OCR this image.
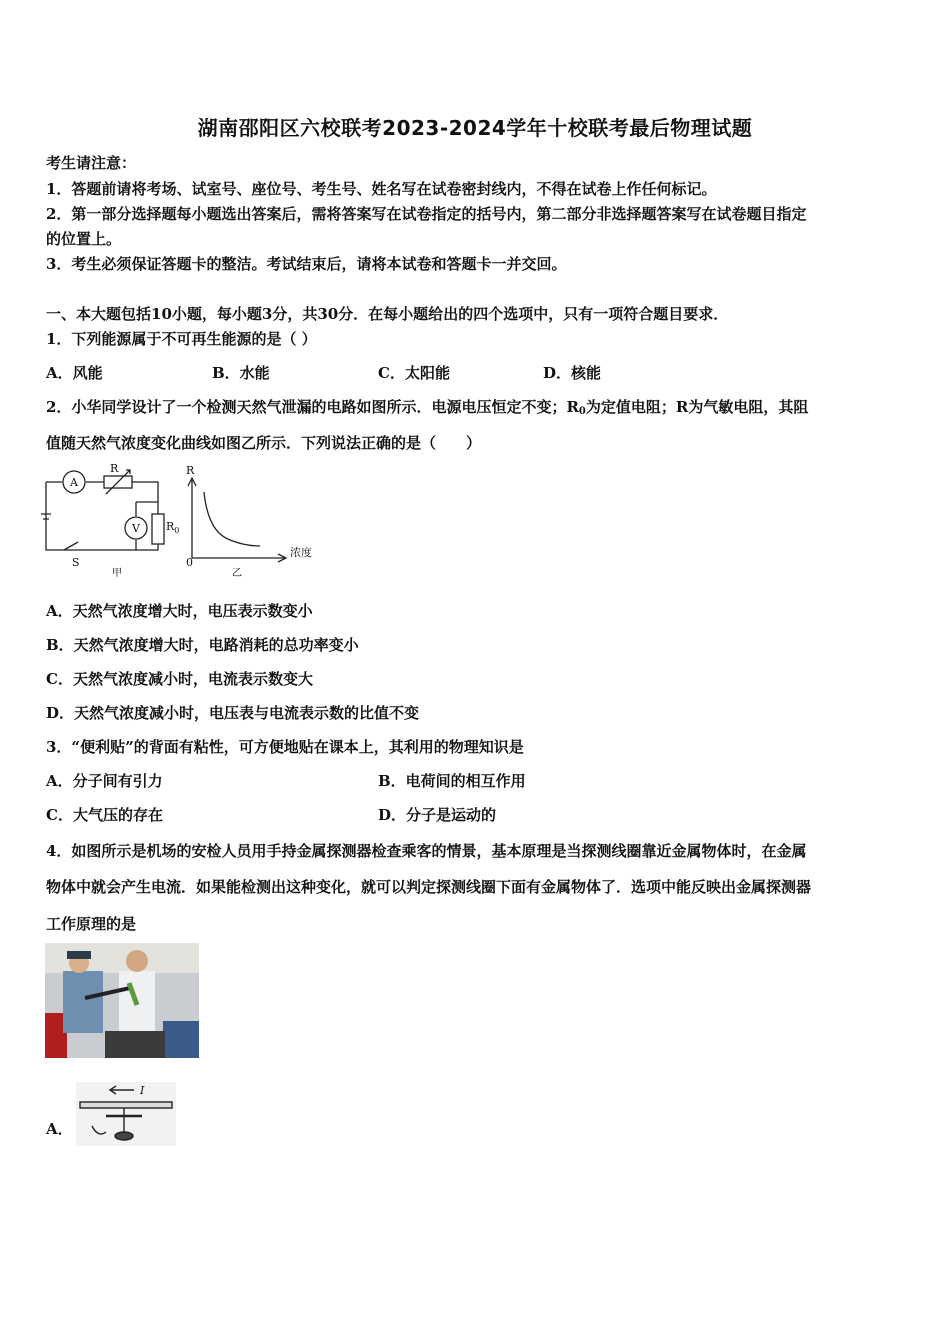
湖南邵阳区六校联考2023-2024学年十校联考最后物理试题
考生请注意：
1．答题前请将考场、试室号、座位号、考生号、姓名写在试卷密封线内，不得在试卷上作任何标记。
2．第一部分选择题每小题选出答案后，需将答案写在试卷指定的括号内，第二部分非选择题答案写在试卷题目指定
的位置上。
3．考生必须保证答题卡的整洁。考试结束后，请将本试卷和答题卡一并交回。
一、本大题包括10小题，每小题3分，共30分．在每小题给出的四个选项中，只有一项符合题目要求．
1．下列能源属于不可再生能源的是（ ）
A．风能	B．水能	C．太阳能	D．核能
2．小华同学设计了一个检测天然气泄漏的电路如图所示．电源电压恒定不变；$R_0$为定值电阻；R为气敏电阻，其阻
值随天然气浓度变化曲线如图乙所示．下列说法正确的是（　　）
A
V
R
$R_0$
S
甲
R
0
浓度
乙
A．天然气浓度增大时，电压表示数变小
B．天然气浓度增大时，电路消耗的总功率变小
C．天然气浓度减小时，电流表示数变大
D．天然气浓度减小时，电压表与电流表示数的比值不变
3．“便利贴”的背面有粘性，可方便地贴在课本上，其利用的物理知识是
A．分子间有引力	B．电荷间的相互作用
C．大气压的存在	D．分子是运动的
4．如图所示是机场的安检人员用手持金属探测器检查乘客的情景，基本原理是当探测线圈靠近金属物体时，在金属
物体中就会产生电流．如果能检测出这种变化，就可以判定探测线圈下面有金属物体了．选项中能反映出金属探测器
工作原理的是
A．
I
